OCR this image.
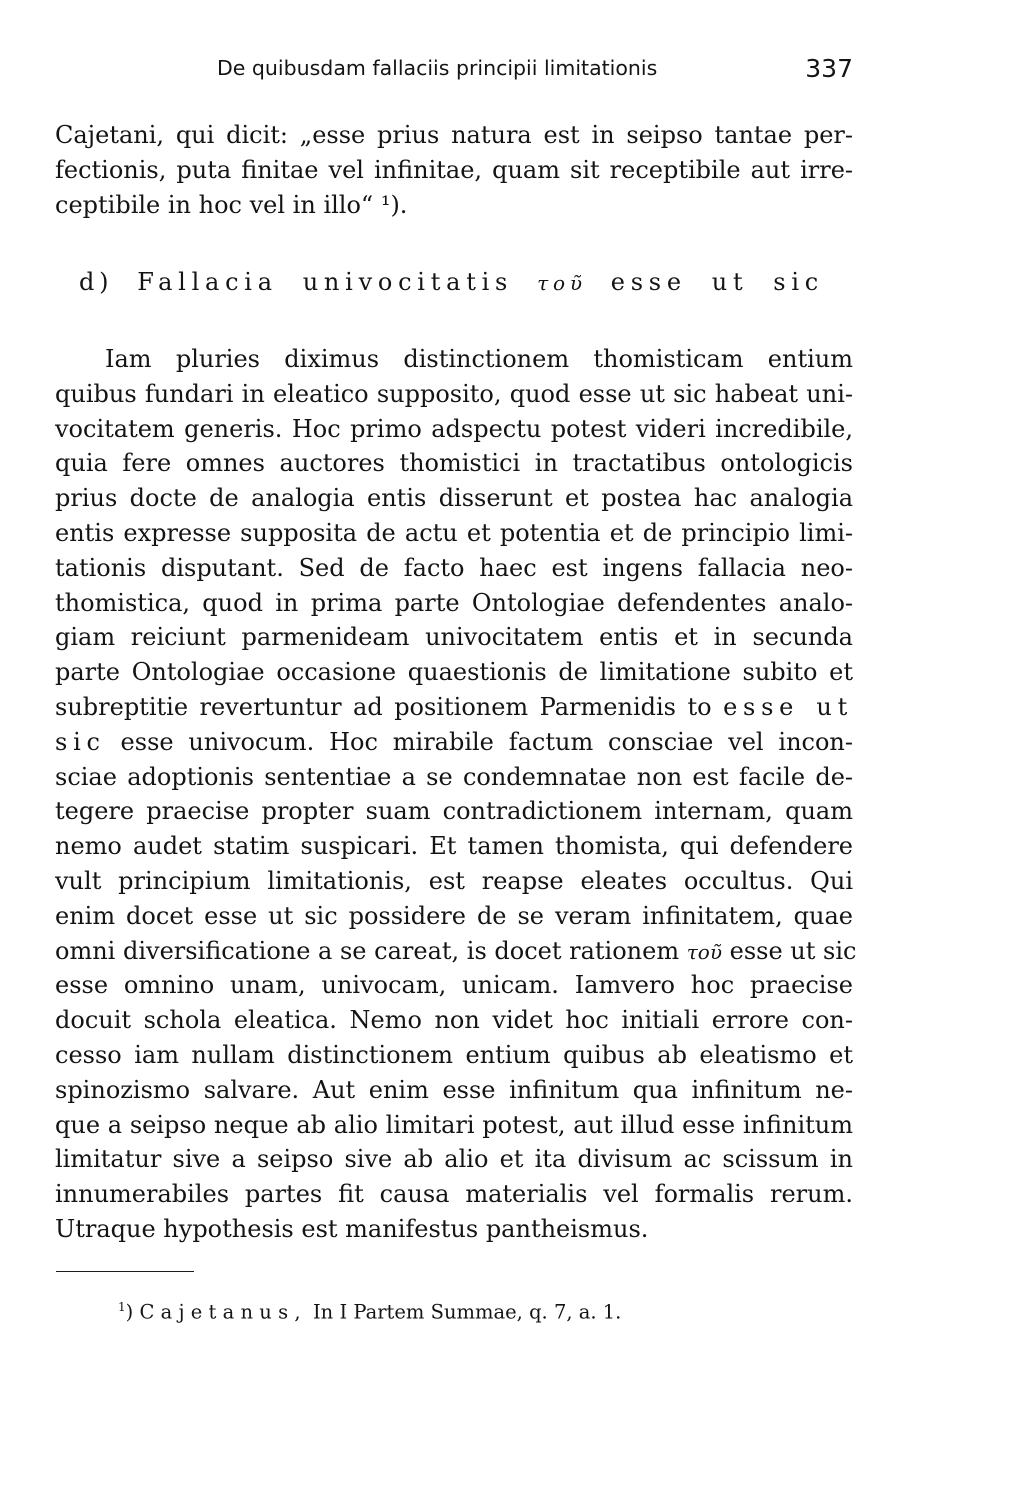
De quibusdam fallaciis principii limitationis	337
Cajetani, qui dicit: „esse prius natura est in seipso tantae per-
fectionis, puta finitae vel infinitae, quam sit receptibile aut irre-
ceptibile in hoc vel in illo“ ¹).
d) Fallacia univocitatis τοῦ esse ut sic
Iam pluries diximus distinctionem thomisticam entium
quibus fundari in eleatico supposito, quod esse ut sic habeat uni-
vocitatem generis. Hoc primo adspectu potest videri incredibile,
quia fere omnes auctores thomistici in tractatibus ontologicis
prius docte de analogia entis disserunt et postea hac analogia
entis expresse supposita de actu et potentia et de principio limi-
tationis disputant. Sed de facto haec est ingens fallacia neo-
thomistica, quod in prima parte Ontologiae defendentes analo-
giam reiciunt parmenideam univocitatem entis et in secunda
parte Ontologiae occasione quaestionis de limitatione subito et
subreptitie revertuntur ad positionem Parmenidis to esse ut
sic esse univocum. Hoc mirabile factum consciae vel incon-
sciae adoptionis sententiae a se condemnatae non est facile de-
tegere praecise propter suam contradictionem internam, quam
nemo audet statim suspicari. Et tamen thomista, qui defendere
vult principium limitationis, est reapse eleates occultus. Qui
enim docet esse ut sic possidere de se veram infinitatem, quae
omni diversificatione a se careat, is docet rationem τοῦ esse ut sic
esse omnino unam, univocam, unicam. Iamvero hoc praecise
docuit schola eleatica. Nemo non videt hoc initiali errore con-
cesso iam nullam distinctionem entium quibus ab eleatismo et
spinozismo salvare. Aut enim esse infinitum qua infinitum ne-
que a seipso neque ab alio limitari potest, aut illud esse infinitum
limitatur sive a seipso sive ab alio et ita divisum ac scissum in
innumerabiles partes fit causa materialis vel formalis rerum.
Utraque hypothesis est manifestus pantheismus.
$^1$) Cajetanus, In I Partem Summae, q. 7, a. 1.
